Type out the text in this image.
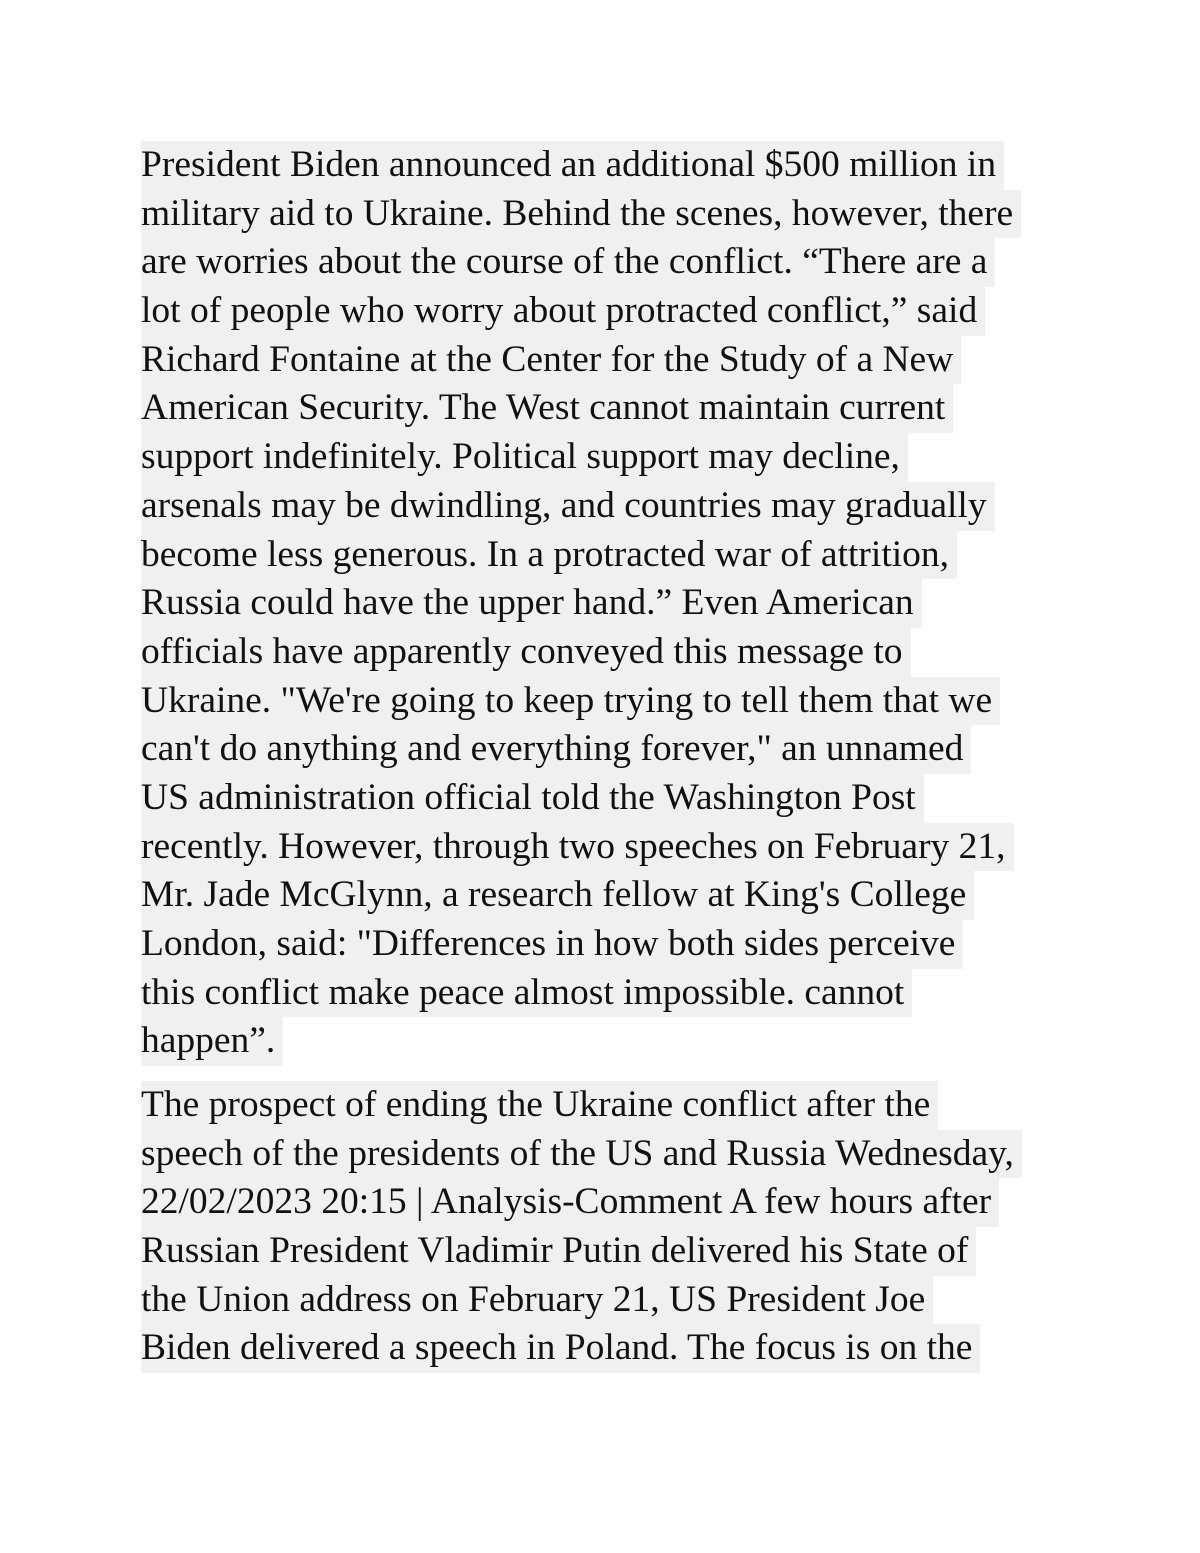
President Biden announced an additional $500 million in
military aid to Ukraine. Behind the scenes, however, there
are worries about the course of the conflict. “There are a
lot of people who worry about protracted conflict,” said
Richard Fontaine at the Center for the Study of a New
American Security. The West cannot maintain current
support indefinitely. Political support may decline,
arsenals may be dwindling, and countries may gradually
become less generous. In a protracted war of attrition,
Russia could have the upper hand.” Even American
officials have apparently conveyed this message to
Ukraine. "We're going to keep trying to tell them that we
can't do anything and everything forever," an unnamed
US administration official told the Washington Post
recently. However, through two speeches on February 21,
Mr. Jade McGlynn, a research fellow at King's College
London, said: "Differences in how both sides perceive
this conflict make peace almost impossible. cannot
happen”.
The prospect of ending the Ukraine conflict after the
speech of the presidents of the US and Russia Wednesday,
22/02/2023 20:15 | Analysis-Comment A few hours after
Russian President Vladimir Putin delivered his State of
the Union address on February 21, US President Joe
Biden delivered a speech in Poland. The focus is on the
